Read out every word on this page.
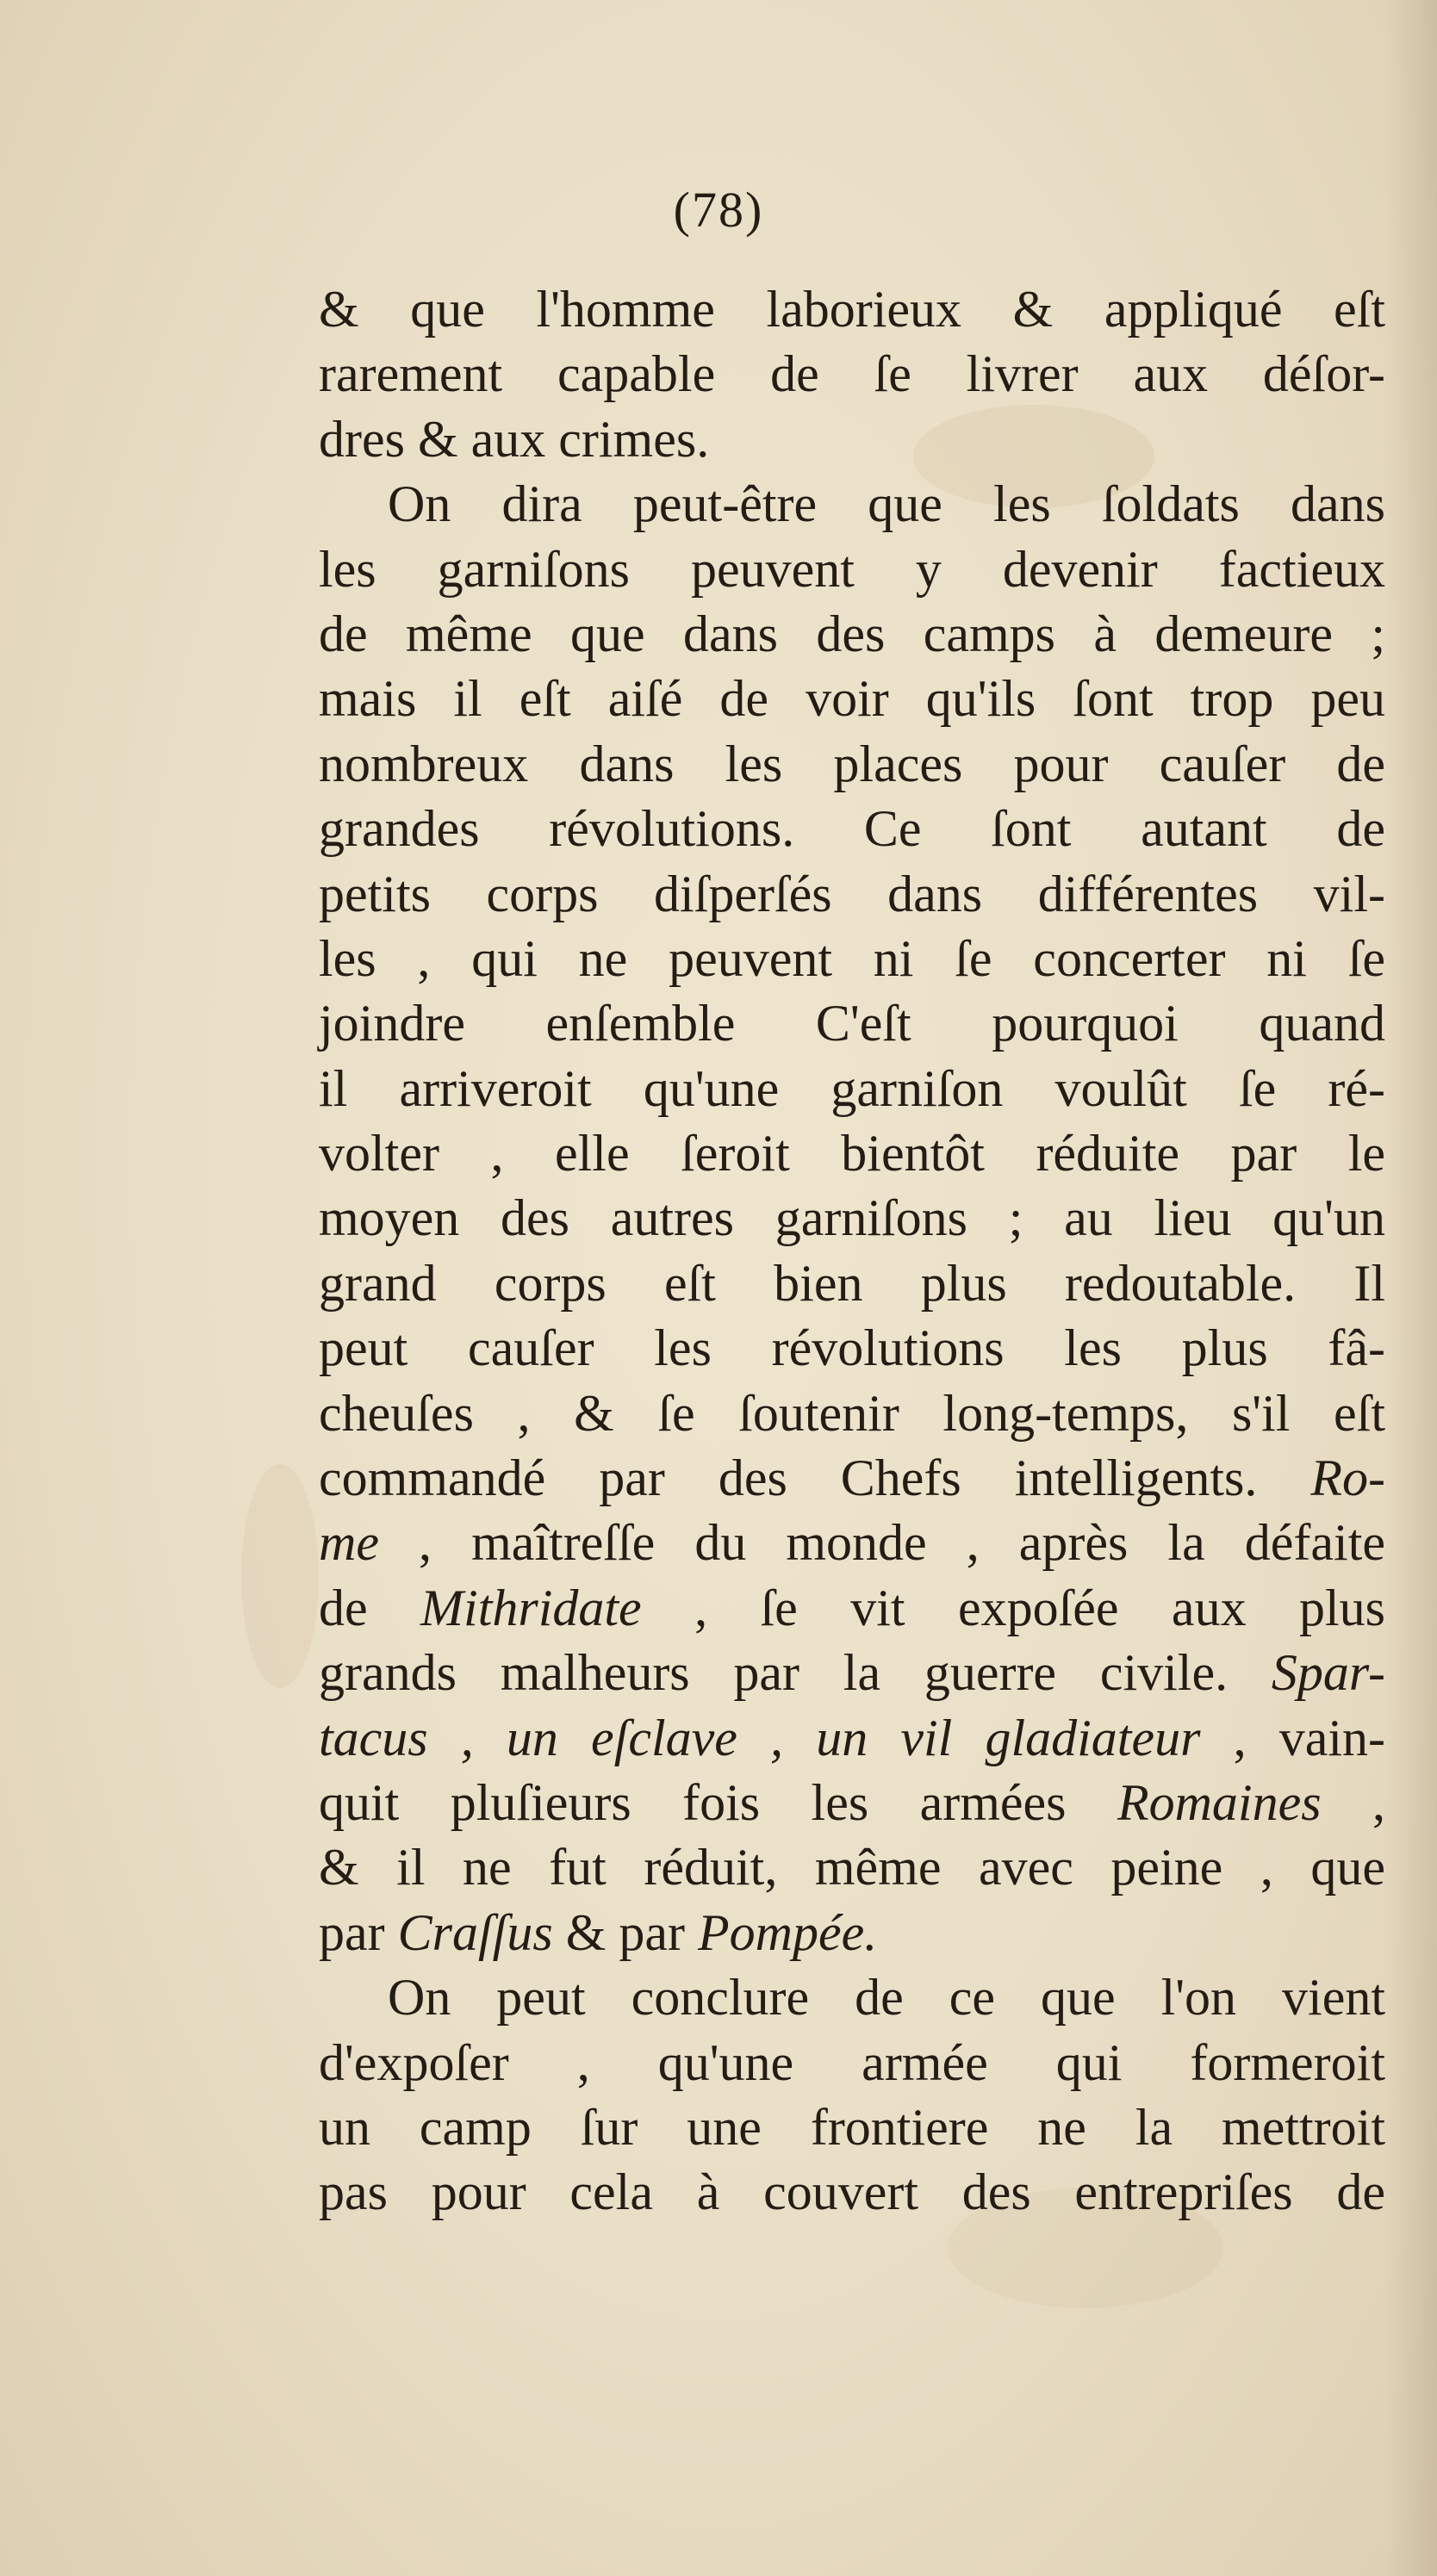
(78)
& que l'homme laborieux & appliqué eſt
rarement capable de ſe livrer aux déſor-
dres & aux crimes.
On dira peut-être que les ſoldats dans
les garniſons peuvent y devenir factieux
de même que dans des camps à demeure ;
mais il eſt aiſé de voir qu'ils ſont trop peu
nombreux dans les places pour cauſer de
grandes révolutions. Ce ſont autant de
petits corps diſperſés dans différentes vil-
les , qui ne peuvent ni ſe concerter ni ſe
joindre enſemble C'eſt pourquoi quand
il arriveroit qu'une garniſon voulût ſe ré-
volter , elle ſeroit bientôt réduite par le
moyen des autres garniſons ; au lieu qu'un
grand corps eſt bien plus redoutable. Il
peut cauſer les révolutions les plus fâ-
cheuſes , & ſe ſoutenir long-temps, s'il eſt
commandé par des Chefs intelligents. Ro-
me , maîtreſſe du monde , après la défaite
de Mithridate , ſe vit expoſée aux plus
grands malheurs par la guerre civile. Spar-
tacus , un eſclave , un vil gladiateur , vain-
quit pluſieurs fois les armées Romaines ,
& il ne fut réduit, même avec peine , que
par Craſſus & par Pompée.
On peut conclure de ce que l'on vient
d'expoſer , qu'une armée qui formeroit
un camp ſur une frontiere ne la mettroit
pas pour cela à couvert des entrepriſes de
